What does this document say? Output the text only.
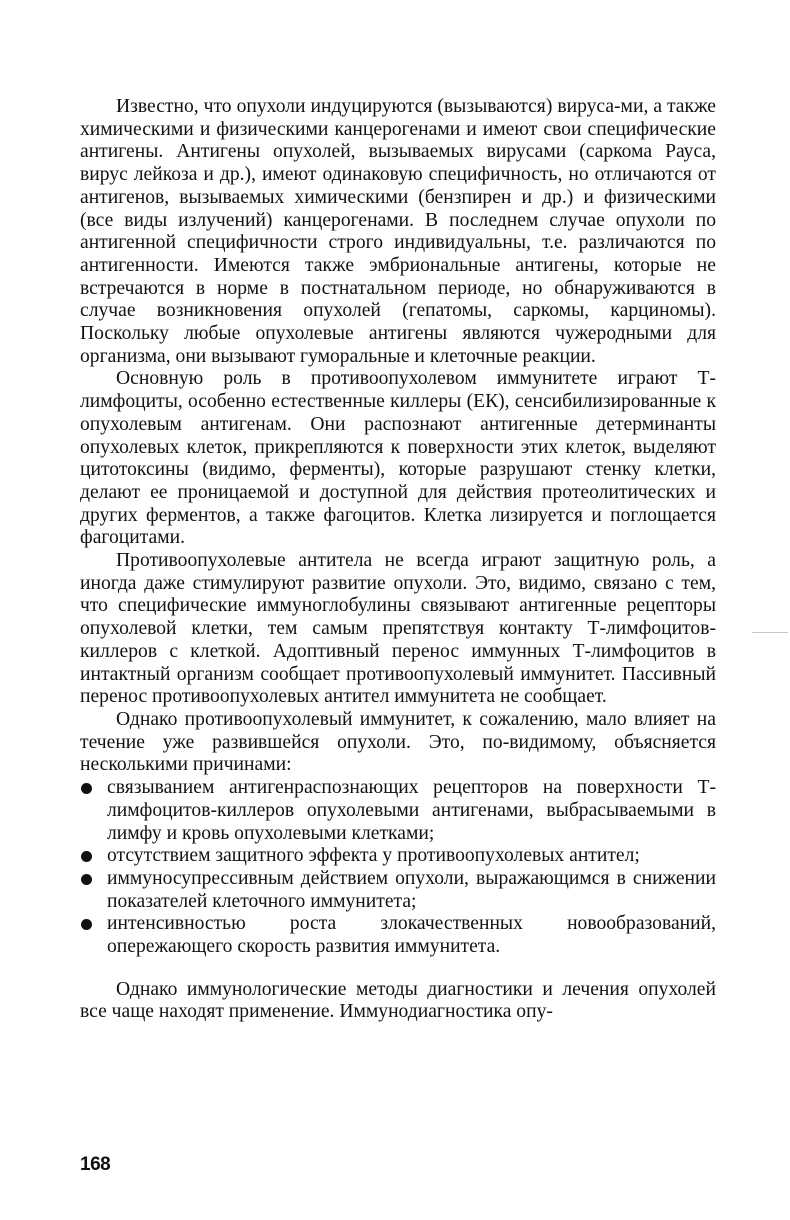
Известно, что опухоли индуцируются (вызываются) вируса-ми, а также химическими и физическими канцерогенами и имеют свои специфические антигены. Антигены опухолей, вызываемых вирусами (саркома Рауса, вирус лейкоза и др.), имеют одинаковую специфичность, но отличаются от антигенов, вызываемых химическими (бензпирен и др.) и физическими (все виды излучений) канцерогенами. В последнем случае опухоли по антигенной специфичности строго индивидуальны, т.е. различаются по антигенности. Имеются также эмбриональные антигены, которые не встречаются в норме в постнатальном периоде, но обнаруживаются в случае возникновения опухолей (гепатомы, саркомы, карциномы). Поскольку любые опухолевые антигены являются чужеродными для организма, они вызывают гуморальные и клеточные реакции.

Основную роль в противоопухолевом иммунитете играют Т-лимфоциты, особенно естественные киллеры (ЕК), сенсибилизированные к опухолевым антигенам. Они распознают антигенные детерминанты опухолевых клеток, прикрепляются к поверхности этих клеток, выделяют цитотоксины (видимо, ферменты), которые разрушают стенку клетки, делают ее проницаемой и доступной для действия протеолитических и других ферментов, а также фагоцитов. Клетка лизируется и поглощается фагоцитами.

Противоопухолевые антитела не всегда играют защитную роль, а иногда даже стимулируют развитие опухоли. Это, видимо, связано с тем, что специфические иммуноглобулины связывают антигенные рецепторы опухолевой клетки, тем самым препятствуя контакту Т-лимфоцитов-киллеров с клеткой. Адоптивный перенос иммунных Т-лимфоцитов в интактный организм сообщает противоопухолевый иммунитет. Пассивный перенос противоопухолевых антител иммунитета не сообщает.

Однако противоопухолевый иммунитет, к сожалению, мало влияет на течение уже развившейся опухоли. Это, по-видимому, объясняется несколькими причинами:

связыванием антигенраспознающих рецепторов на поверхности Т-лимфоцитов-киллеров опухолевыми антигенами, выбрасываемыми в лимфу и кровь опухолевыми клетками;
отсутствием защитного эффекта у противоопухолевых антител;
иммуносупрессивным действием опухоли, выражающимся в снижении показателей клеточного иммунитета;
интенсивностью роста злокачественных новообразований, опережающего скорость развития иммунитета.

Однако иммунологические методы диагностики и лечения опухолей все чаще находят применение. Иммунодиагностика опу-

168
